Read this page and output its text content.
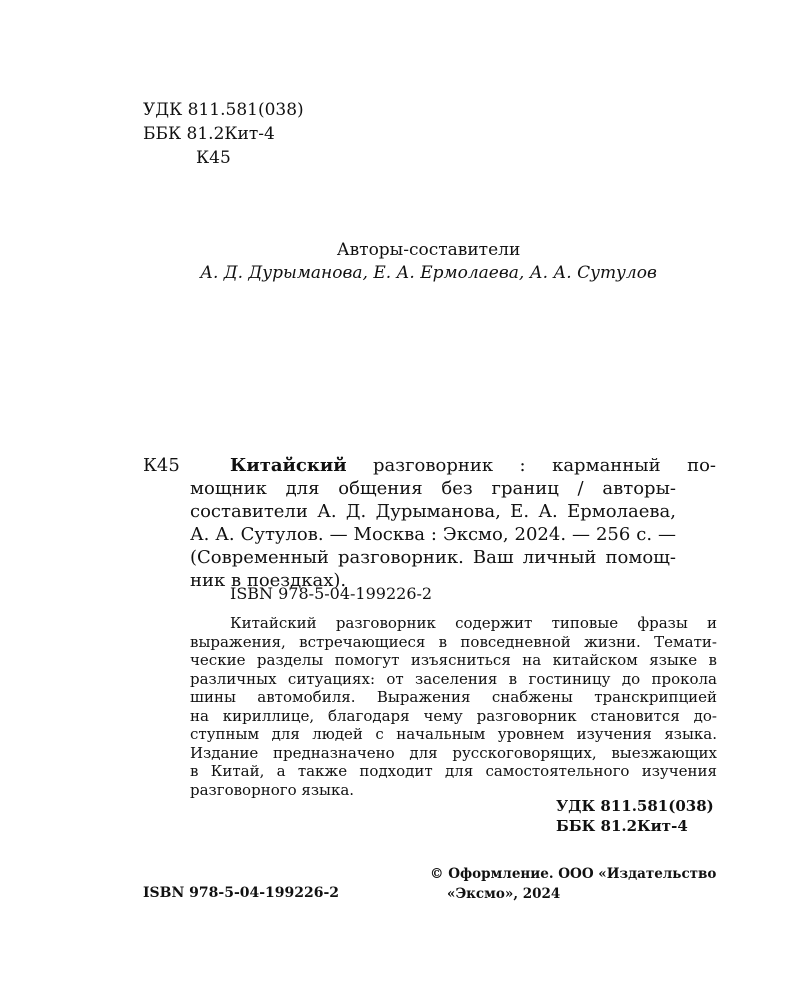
УДК 811.581(038)
ББК 81.2Кит-4
К45
Авторы-составители
А. Д. Дурыманова, Е. А. Ермолаева, А. А. Сутулов
К45	Китайский разговорник : карманный по-
мощник для общения без границ / авторы-
составители А. Д. Дурыманова, Е. А. Ермолаева,
А. А. Сутулов. — Москва : Эксмо, 2024. — 256 с. —
(Современный разговорник. Ваш личный помощ-
ник в поездках).
ISBN 978-5-04-199226-2
Китайский разговорник содержит типовые фразы и
выражения, встречающиеся в повседневной жизни. Темати-
ческие разделы помогут изъясниться на китайском языке в
различных ситуациях: от заселения в гостиницу до прокола
шины автомобиля. Выражения снабжены транскрипцией
на кириллице, благодаря чему разговорник становится до-
ступным для людей с начальным уровнем изучения языка.
Издание предназначено для русскоговорящих, выезжающих
в Китай, а также подходит для самостоятельного изучения
разговорного языка.
УДК 811.581(038)
ББК 81.2Кит-4
© Оформление. ООО «Издательство
«Эксмо», 2024
ISBN 978-5-04-199226-2
